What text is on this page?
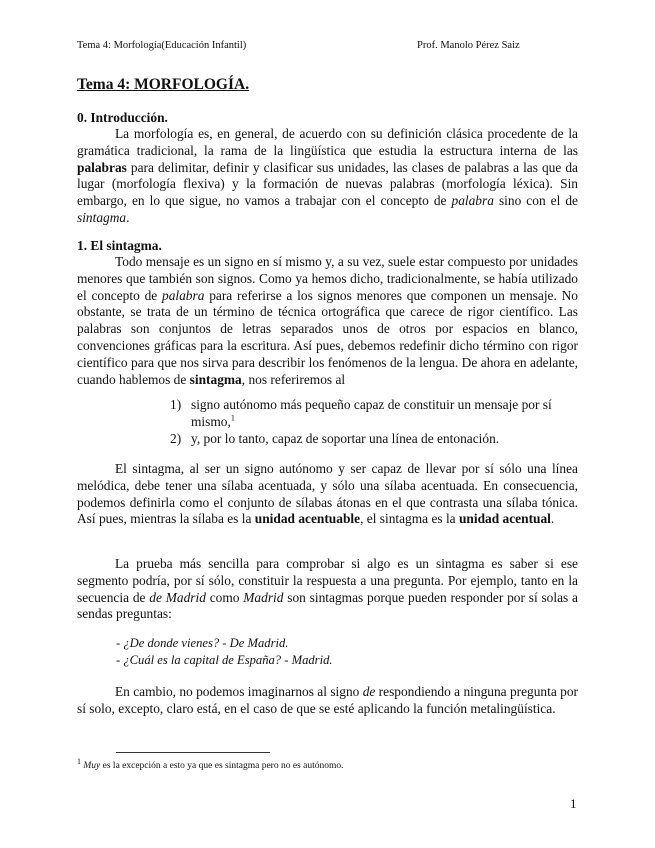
Tema 4: Morfología(Educación Infantil)	Prof. Manolo Pérez Saiz
Tema 4: MORFOLOGÍA.
0. Introducción.

La morfología es, en general, de acuerdo con su definición clásica procedente de la gramática tradicional, la rama de la lingüística que estudia la estructura interna de las palabras para delimitar, definir y clasificar sus unidades, las clases de palabras a las que da lugar (morfología flexiva) y la formación de nuevas palabras (morfología léxica). Sin embargo, en lo que sigue, no vamos a trabajar con el concepto de palabra sino con el de sintagma.

1. El sintagma.

Todo mensaje es un signo en sí mismo y, a su vez, suele estar compuesto por unidades menores que también son signos. Como ya hemos dicho, tradicionalmente, se había utilizado el concepto de palabra para referirse a los signos menores que componen un mensaje. No obstante, se trata de un término de técnica ortográfica que carece de rigor científico. Las palabras son conjuntos de letras separados unos de otros por espacios en blanco, convenciones gráficas para la escritura. Así pues, debemos redefinir dicho término con rigor científico para que nos sirva para describir los fenómenos de la lengua. De ahora en adelante, cuando hablemos de sintagma, nos referiremos al

1) signo autónomo más pequeño capaz de constituir un mensaje por sí mismo,$^1$
2) y, por lo tanto, capaz de soportar una línea de entonación.

El sintagma, al ser un signo autónomo y ser capaz de llevar por sí sólo una línea melódica, debe tener una sílaba acentuada, y sólo una sílaba acentuada. En consecuencia, podemos definirla como el conjunto de sílabas átonas en el que contrasta una sílaba tónica. Así pues, mientras la sílaba es la unidad acentuable, el sintagma es la unidad acentual.

La prueba más sencilla para comprobar si algo es un sintagma es saber si ese segmento podría, por sí sólo, constituir la respuesta a una pregunta. Por ejemplo, tanto en la secuencia de de Madrid como Madrid son sintagmas porque pueden responder por sí solas a sendas preguntas:

- ¿De donde vienes? - De Madrid.
- ¿Cuál es la capital de España? - Madrid.

En cambio, no podemos imaginarnos al signo de respondiendo a ninguna pregunta por sí solo, excepto, claro está, en el caso de que se esté aplicando la función metalingüística.

$^1$ Muy es la excepción a esto ya que es sintagma pero no es autónomo.
1
